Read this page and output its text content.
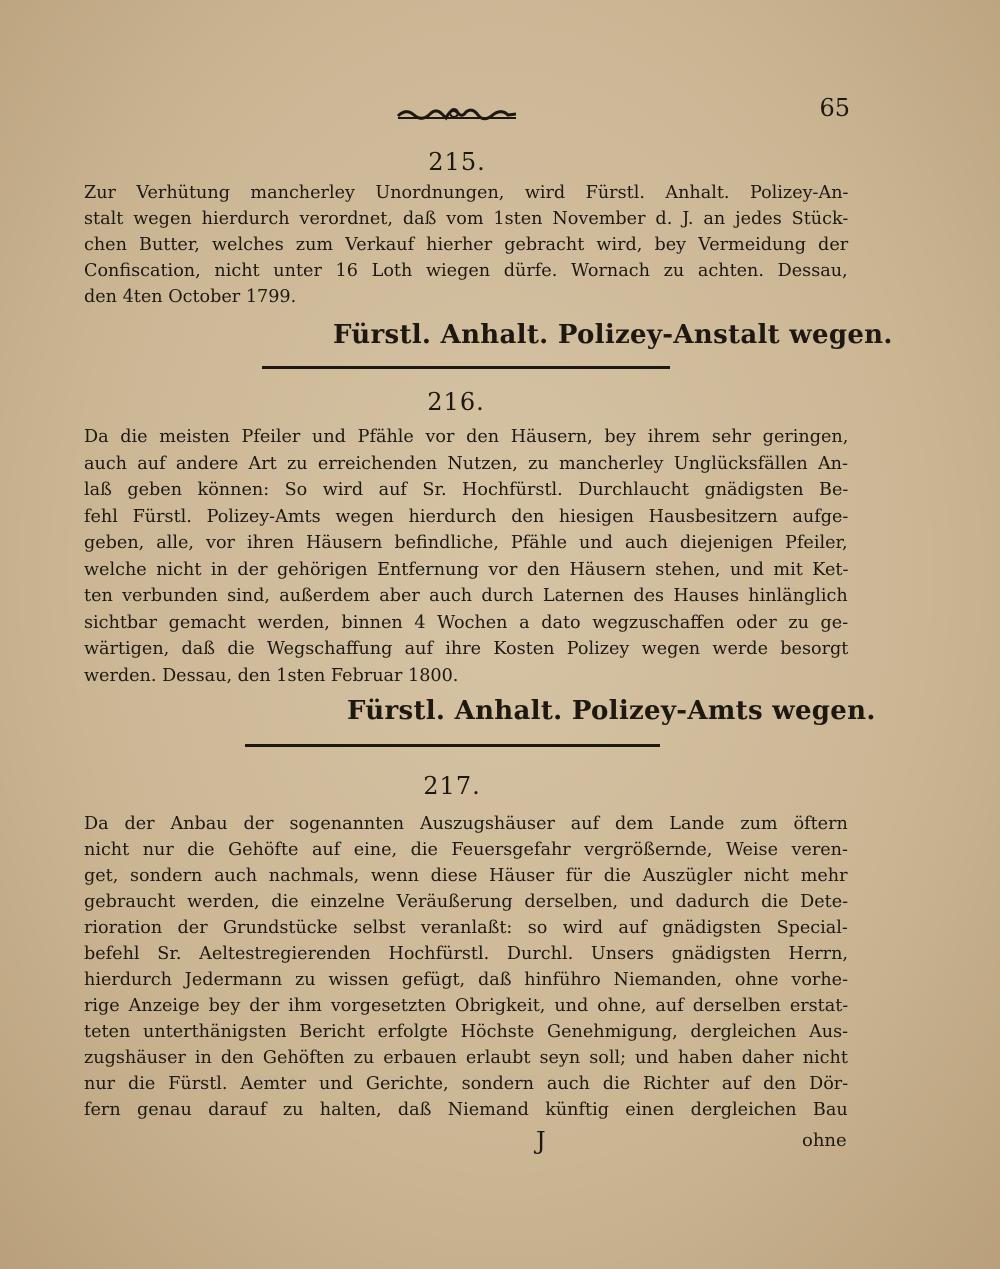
65
215.
Zur Verhütung mancherley Unordnungen, wird Fürstl. Anhalt. Polizey-An-
stalt wegen hierdurch verordnet, daß vom 1sten November d. J. an jedes Stück-
chen Butter, welches zum Verkauf hierher gebracht wird, bey Vermeidung der
Confiscation, nicht unter 16 Loth wiegen dürfe. Wornach zu achten. Dessau,
den 4ten October 1799.
Fürstl. Anhalt. Polizey-Anstalt wegen.
216.
Da die meisten Pfeiler und Pfähle vor den Häusern, bey ihrem sehr geringen,
auch auf andere Art zu erreichenden Nutzen, zu mancherley Unglücksfällen An-
laß geben können: So wird auf Sr. Hochfürstl. Durchlaucht gnädigsten Be-
fehl Fürstl. Polizey-Amts wegen hierdurch den hiesigen Hausbesitzern aufge-
geben, alle, vor ihren Häusern befindliche, Pfähle und auch diejenigen Pfeiler,
welche nicht in der gehörigen Entfernung vor den Häusern stehen, und mit Ket-
ten verbunden sind, außerdem aber auch durch Laternen des Hauses hinlänglich
sichtbar gemacht werden, binnen 4 Wochen a dato wegzuschaffen oder zu ge-
wärtigen, daß die Wegschaffung auf ihre Kosten Polizey wegen werde besorgt
werden. Dessau, den 1sten Februar 1800.
Fürstl. Anhalt. Polizey-Amts wegen.
217.
Da der Anbau der sogenannten Auszugshäuser auf dem Lande zum öftern
nicht nur die Gehöfte auf eine, die Feuersgefahr vergrößernde, Weise veren-
get, sondern auch nachmals, wenn diese Häuser für die Auszügler nicht mehr
gebraucht werden, die einzelne Veräußerung derselben, und dadurch die Dete-
rioration der Grundstücke selbst veranlaßt: so wird auf gnädigsten Special-
befehl Sr. Aeltestregierenden Hochfürstl. Durchl. Unsers gnädigsten Herrn,
hierdurch Jedermann zu wissen gefügt, daß hinführo Niemanden, ohne vorhe-
rige Anzeige bey der ihm vorgesetzten Obrigkeit, und ohne, auf derselben erstat-
teten unterthänigsten Bericht erfolgte Höchste Genehmigung, dergleichen Aus-
zugshäuser in den Gehöften zu erbauen erlaubt seyn soll; und haben daher nicht
nur die Fürstl. Aemter und Gerichte, sondern auch die Richter auf den Dör-
fern genau darauf zu halten, daß Niemand künftig einen dergleichen Bau
J	ohne
